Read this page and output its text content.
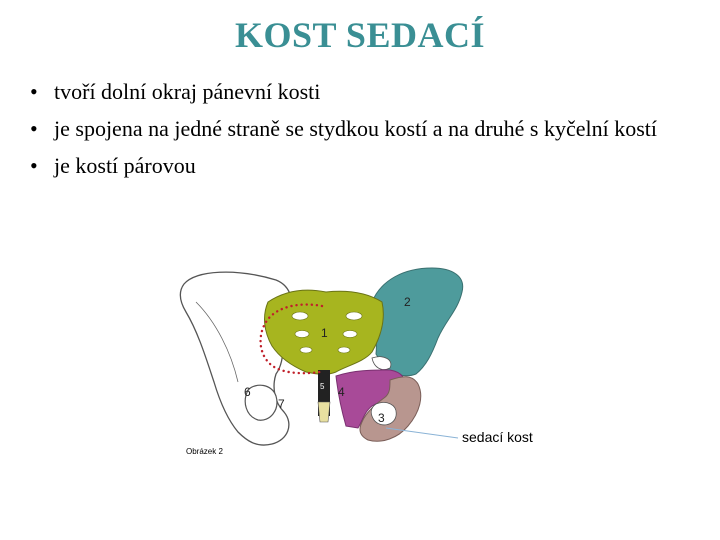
KOST SEDACÍ
• tvoří dolní okraj pánevní kosti
• je spojena na jedné straně se stydkou kostí a na druhé s kyčelní kostí
• je kostí párovou
1
2
3
4
5
6
7
sedací kost
Obrázek 2
